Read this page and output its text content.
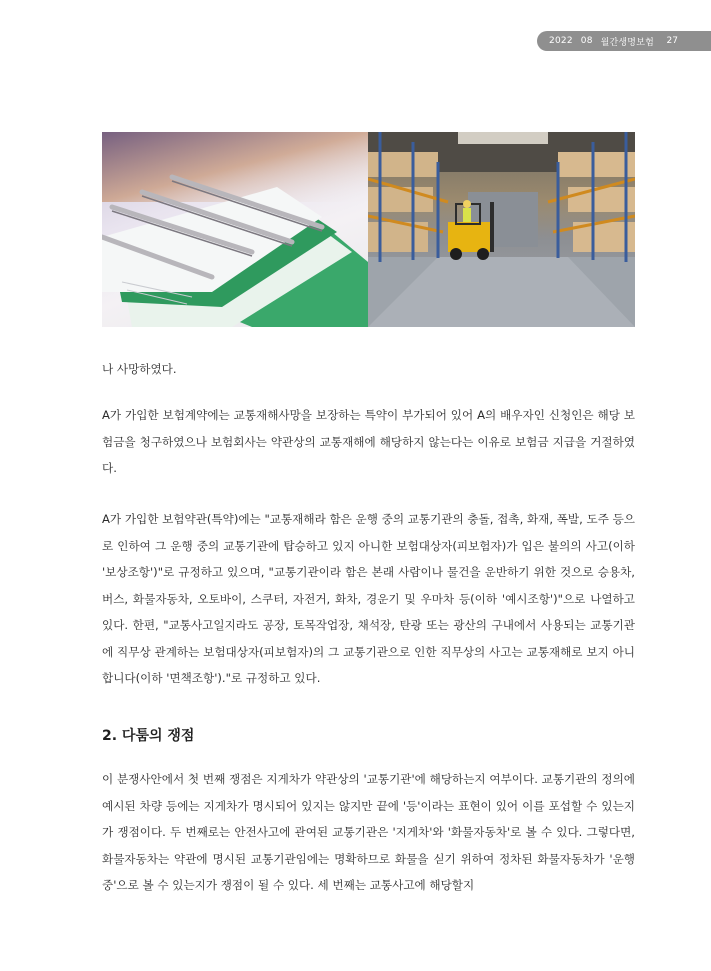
2022 08 월간생명보험 27

나 사망하였다.

A가 가입한 보험계약에는 교통재해사망을 보장하는 특약이 부가되어 있어 A의 배우자인 신청인은 해당 보험금을 청구하였으나 보험회사는 약관상의 교통재해에 해당하지 않는다는 이유로 보험금 지급을 거절하였다.

A가 가입한 보험약관(특약)에는 "교통재해라 함은 운행 중의 교통기관의 충돌, 접촉, 화재, 폭발, 도주 등으로 인하여 그 운행 중의 교통기관에 탑승하고 있지 아니한 보험대상자(피보험자)가 입은 불의의 사고(이하 '보상조항')"로 규정하고 있으며, "교통기관이라 함은 본래 사람이나 물건을 운반하기 위한 것으로 승용차, 버스, 화물자동차, 오토바이, 스쿠터, 자전거, 화차, 경운기 및 우마차 등(이하 '예시조항')"으로 나열하고 있다. 한편, "교통사고일지라도 공장, 토목작업장, 채석장, 탄광 또는 광산의 구내에서 사용되는 교통기관에 직무상 관계하는 보험대상자(피보험자)의 그 교통기관으로 인한 직무상의 사고는 교통재해로 보지 아니합니다(이하 '면책조항')."로 규정하고 있다.

2. 다툼의 쟁점

이 분쟁사안에서 첫 번째 쟁점은 지게차가 약관상의 '교통기관'에 해당하는지 여부이다. 교통기관의 정의에 예시된 차량 등에는 지게차가 명시되어 있지는 않지만 끝에 '등'이라는 표현이 있어 이를 포섭할 수 있는지가 쟁점이다. 두 번째로는 안전사고에 관여된 교통기관은 '지게차'와 '화물자동차'로 볼 수 있다. 그렇다면, 화물자동차는 약관에 명시된 교통기관임에는 명확하므로 화물을 싣기 위하여 정차된 화물자동차가 '운행 중'으로 볼 수 있는지가 쟁점이 될 수 있다. 세 번째는 교통사고에 해당할지
